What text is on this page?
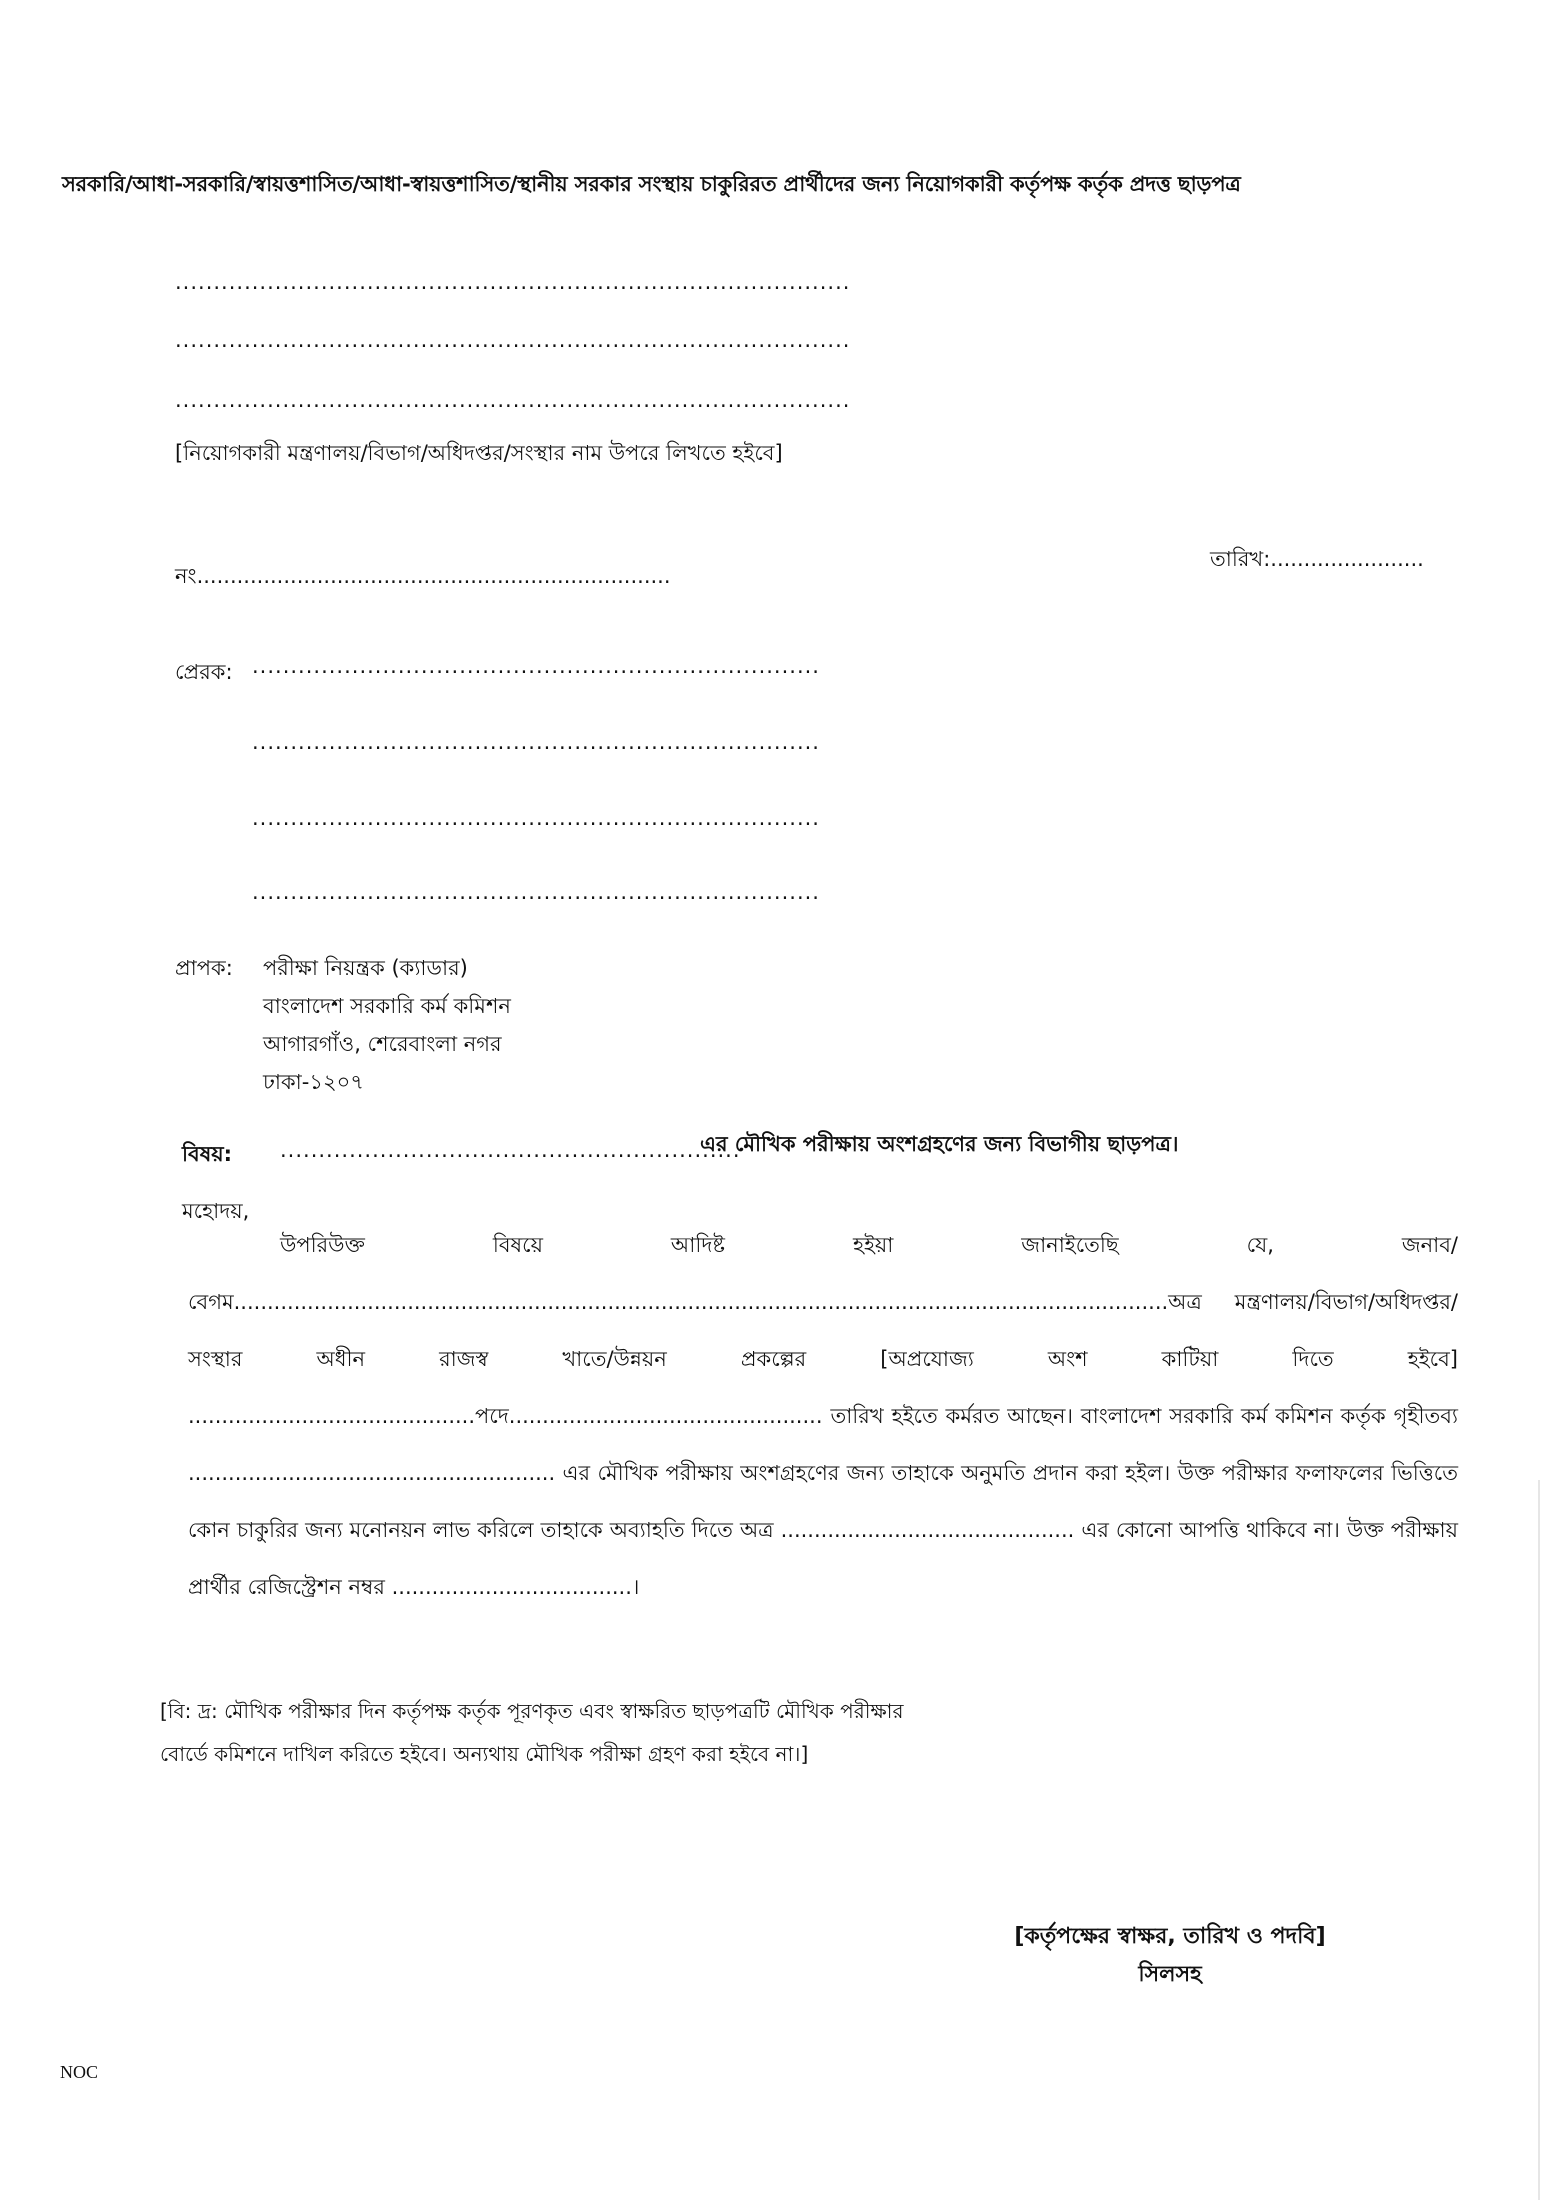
সরকারি/আধা-সরকারি/স্বায়ত্তশাসিত/আধা-স্বায়ত্তশাসিত/স্থানীয় সরকার সংস্থায় চাকুরিরত প্রার্থীদের জন্য নিয়োগকারী কর্তৃপক্ষ কর্তৃক প্রদত্ত ছাড়পত্র
........................................................................................
........................................................................................
........................................................................................
[নিয়োগকারী মন্ত্রণালয়/বিভাগ/অধিদপ্তর/সংস্থার নাম উপরে লিখতে হইবে]
নং.......................................................................
তারিখ:.......................
প্রেরক: ..........................................................................
..........................................................................
..........................................................................
..........................................................................
প্রাপক: পরীক্ষা নিয়ন্ত্রক (ক্যাডার)
বাংলাদেশ সরকারি কর্ম কমিশন
আগারগাঁও, শেরেবাংলা নগর
ঢাকা-১২০৭
বিষয়: ............................................................
এর মৌখিক পরীক্ষায় অংশগ্রহণের জন্য বিভাগীয় ছাড়পত্র।
মহোদয়,
উপরিউক্ত বিষয়ে আদিষ্ট হইয়া জানাইতেছি যে, জনাব/বেগম............................................................................................................................................অত্র মন্ত্রণালয়/বিভাগ/অধিদপ্তর/সংস্থার অধীন রাজস্ব খাতে/উন্নয়ন প্রকল্পের [অপ্রযোজ্য অংশ কাটিয়া দিতে হইবে] ...........................................পদে............................................... তারিখ হইতে কর্মরত আছেন। বাংলাদেশ সরকারি কর্ম কমিশন কর্তৃক গৃহীতব্য ....................................................... এর মৌখিক পরীক্ষায় অংশগ্রহণের জন্য তাহাকে অনুমতি প্রদান করা হইল। উক্ত পরীক্ষার ফলাফলের ভিত্তিতে কোন চাকুরির জন্য মনোনয়ন লাভ করিলে তাহাকে অব্যাহতি দিতে অত্র ............................................ এর কোনো আপত্তি থাকিবে না। উক্ত পরীক্ষায় প্রার্থীর রেজিস্ট্রেশন নম্বর ....................................।
[বি: দ্র: মৌখিক পরীক্ষার দিন কর্তৃপক্ষ কর্তৃক পূরণকৃত এবং স্বাক্ষরিত ছাড়পত্রটি মৌখিক পরীক্ষার বোর্ডে কমিশনে দাখিল করিতে হইবে। অন্যথায় মৌখিক পরীক্ষা গ্রহণ করা হইবে না।]
[কর্তৃপক্ষের স্বাক্ষর, তারিখ ও পদবি]
সিলসহ
NOC
